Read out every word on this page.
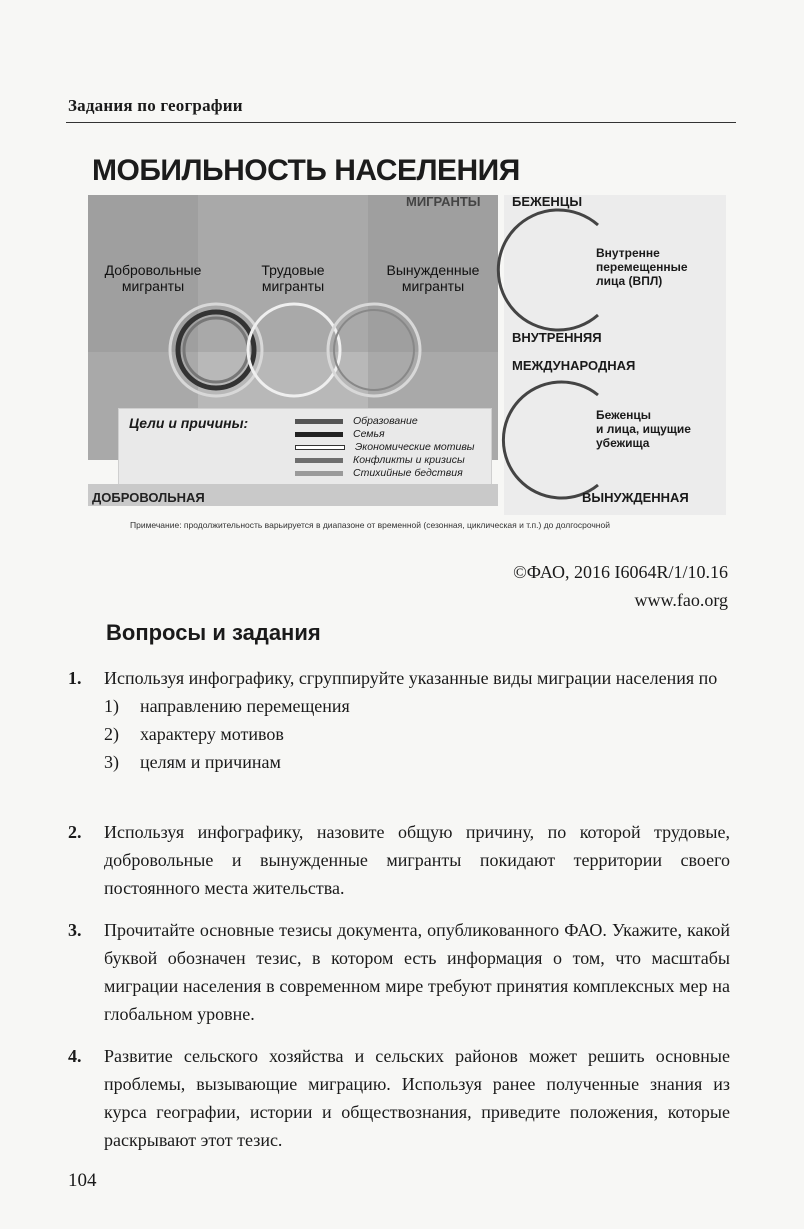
Задания по географии
МОБИЛЬНОСТЬ НАСЕЛЕНИЯ
МИГРАНТЫ
Добровольные
мигранты
Трудовые
мигранты
Вынужденные
мигранты
БЕЖЕНЦЫ
Внутренне
перемещенные
лица (ВПЛ)
ВНУТРЕННЯЯ
МЕЖДУНАРОДНАЯ
Беженцы
и лица, ищущие
убежища
ВЫНУЖДЕННАЯ
Цели и причины:	Образование
Семья
Экономические мотивы
Конфликты и кризисы
Стихийные бедствия
ДОБРОВОЛЬНАЯ
Примечание: продолжительность варьируется в диапазоне от временной (сезонная, циклическая и т.п.) до долгосрочной
©ФАО, 2016 I6064R/1/10.16
www.fao.org
Вопросы и задания
1. Используя инфографику, сгруппируйте указанные виды миграции населения по
1) направлению перемещения
2) характеру мотивов
3) целям и причинам
2. Используя инфографику, назовите общую причину, по которой трудовые, добровольные и вынужденные мигранты покидают территории своего постоянного места жительства.
3. Прочитайте основные тезисы документа, опубликованного ФАО. Укажите, какой буквой обозначен тезис, в котором есть информация о том, что масштабы миграции населения в современном мире требуют принятия комплексных мер на глобальном уровне.
4. Развитие сельского хозяйства и сельских районов может решить основные проблемы, вызывающие миграцию. Используя ранее полученные знания из курса географии, истории и обществознания, приведите положения, которые раскрывают этот тезис.
104
